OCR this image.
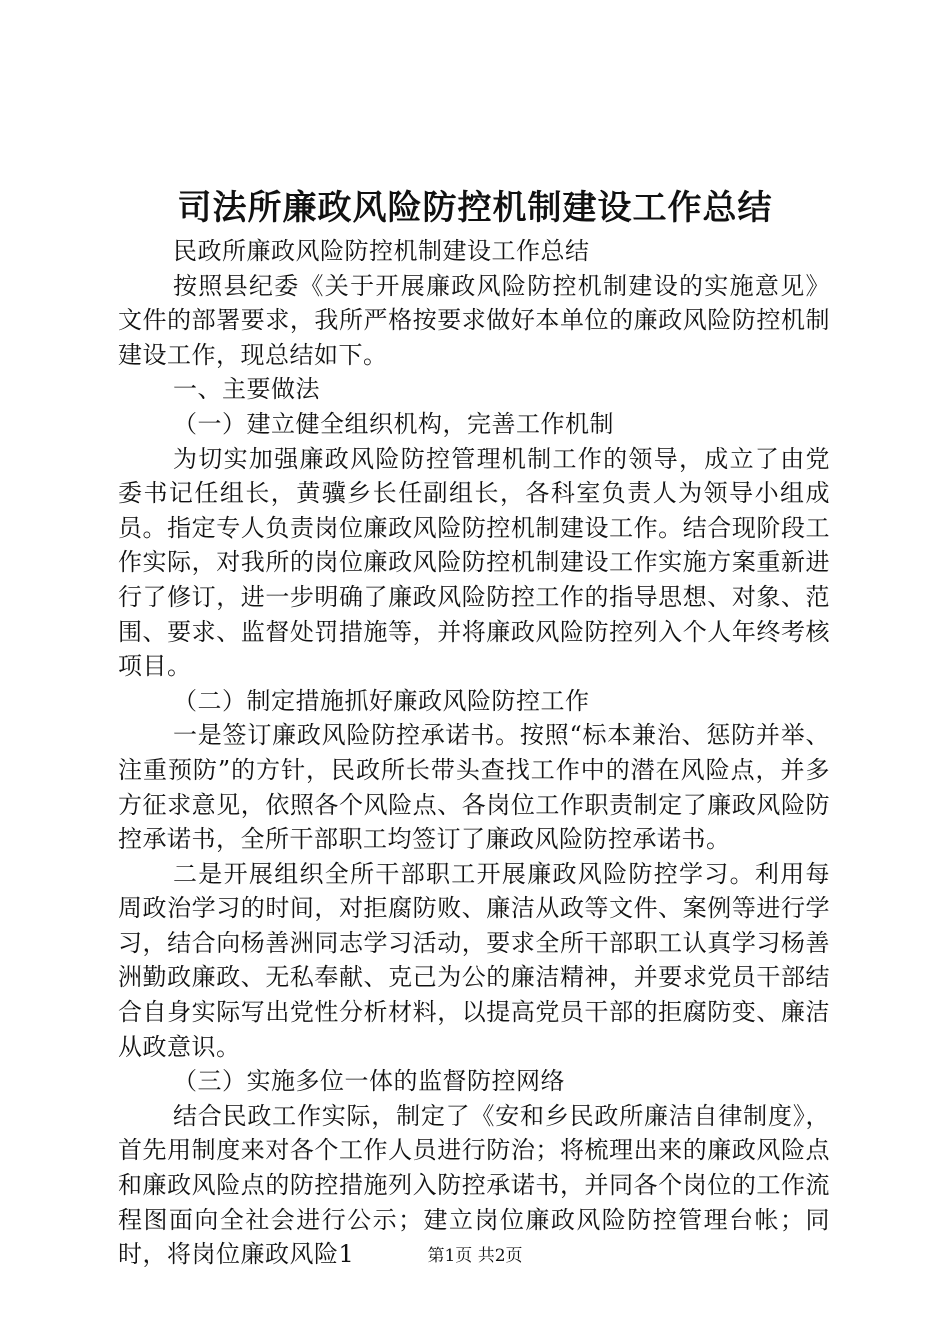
司法所廉政风险防控机制建设工作总结

民政所廉政风险防控机制建设工作总结

按照县纪委《关于开展廉政风险防控机制建设的实施意见》文件的部署要求，我所严格按要求做好本单位的廉政风险防控机制建设工作，现总结如下。

一、主要做法

（一）建立健全组织机构，完善工作机制

为切实加强廉政风险防控管理机制工作的领导，成立了由党委书记任组长，黄骥乡长任副组长，各科室负责人为领导小组成员。指定专人负责岗位廉政风险防控机制建设工作。结合现阶段工作实际，对我所的岗位廉政风险防控机制建设工作实施方案重新进行了修订，进一步明确了廉政风险防控工作的指导思想、对象、范围、要求、监督处罚措施等，并将廉政风险防控列入个人年终考核项目。

（二）制定措施抓好廉政风险防控工作

一是签订廉政风险防控承诺书。按照“标本兼治、惩防并举、注重预防”的方针，民政所长带头查找工作中的潜在风险点，并多方征求意见，依照各个风险点、各岗位工作职责制定了廉政风险防控承诺书，全所干部职工均签订了廉政风险防控承诺书。

二是开展组织全所干部职工开展廉政风险防控学习。利用每周政治学习的时间，对拒腐防败、廉洁从政等文件、案例等进行学习，结合向杨善洲同志学习活动，要求全所干部职工认真学习杨善洲勤政廉政、无私奉献、克己为公的廉洁精神，并要求党员干部结合自身实际写出党性分析材料，以提高党员干部的拒腐防变、廉洁从政意识。

（三）实施多位一体的监督防控网络

结合民政工作实际，制定了《安和乡民政所廉洁自律制度》，首先用制度来对各个工作人员进行防治；将梳理出来的廉政风险点和廉政风险点的防控措施列入防控承诺书，并同各个岗位的工作流程图面向全社会进行公示；建立岗位廉政风险防控管理台帐；同时，将岗位廉政风险1	第1页 共2页
